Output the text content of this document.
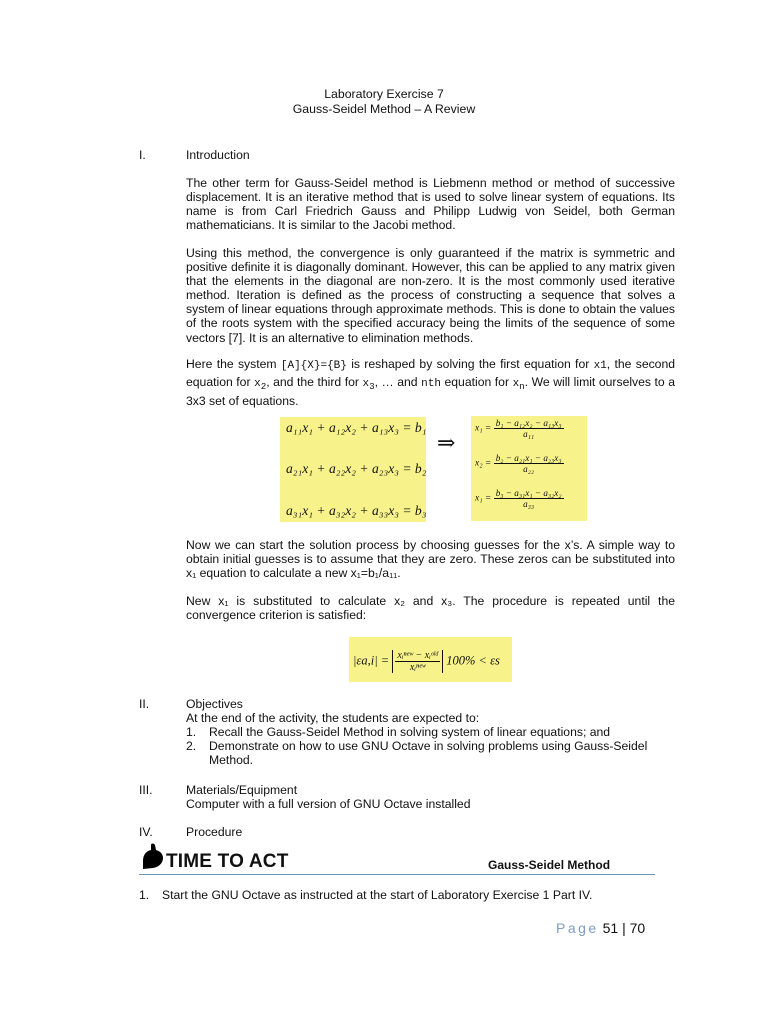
Laboratory Exercise 7
Gauss-Seidel Method – A Review
I.	Introduction

The other term for Gauss-Seidel method is Liebmenn method or method of successive displacement. It is an iterative method that is used to solve linear system of equations. Its name is from Carl Friedrich Gauss and Philipp Ludwig von Seidel, both German mathematicians. It is similar to the Jacobi method.

Using this method, the convergence is only guaranteed if the matrix is symmetric and positive definite it is diagonally dominant. However, this can be applied to any matrix given that the elements in the diagonal are non-zero. It is the most commonly used iterative method. Iteration is defined as the process of constructing a sequence that solves a system of linear equations through approximate methods. This is done to obtain the values of the roots system with the specified accuracy being the limits of the sequence of some vectors [7]. It is an alternative to elimination methods.

Here the system [A]{X}={B} is reshaped by solving the first equation for x1, the second equation for $x_2$, and the third for $x_3$, … and nth equation for $x_n$. We will limit ourselves to a 3x3 set of equations.

a₁₁x₁ + a₁₂x₂ + a₁₃x₃ = b₁
a₂₁x₁ + a₂₂x₂ + a₂₃x₃ = b₂
a₃₁x₁ + a₃₂x₂ + a₃₃x₃ = b₃
⇒
$x_1 = \frac{\text{b₁ − a₁₂x₂ − a₁₃x₃}}{\text{a₁₁}}$
$x_2 = \frac{\text{b₂ − a₂₁x₁ − a₂₃x₃}}{\text{a₂₂}}$
$x_1 = \frac{\text{b₃ − a₃₁x₁ − a₃₂x₂}}{\text{a₃₃}}$

Now we can start the solution process by choosing guesses for the x’s. A simple way to obtain initial guesses is to assume that they are zero. These zeros can be substituted into x₁ equation to calculate a new x₁=b₁/a₁₁.

New x₁ is substituted to calculate x₂ and x₃. The procedure is repeated until the convergence criterion is satisfied:

$|\varepsilon a,i| = \frac{\text{xᵢⁿᵉʷ − xᵢᵒˡᵈ}}{\text{xᵢⁿᵉʷ}} 100\% < \varepsilon s$
II.	Objectives
At the end of the activity, the students are expected to:
1. Recall the Gauss-Seidel Method in solving system of linear equations; and
2. Demonstrate on how to use GNU Octave in solving problems using Gauss-Seidel Method.
III.	Materials/Equipment
Computer with a full version of GNU Octave installed
IV.	Procedure
TIME TO ACT	Gauss-Seidel Method
1. Start the GNU Octave as instructed at the start of Laboratory Exercise 1 Part IV.
Page 51 | 70
